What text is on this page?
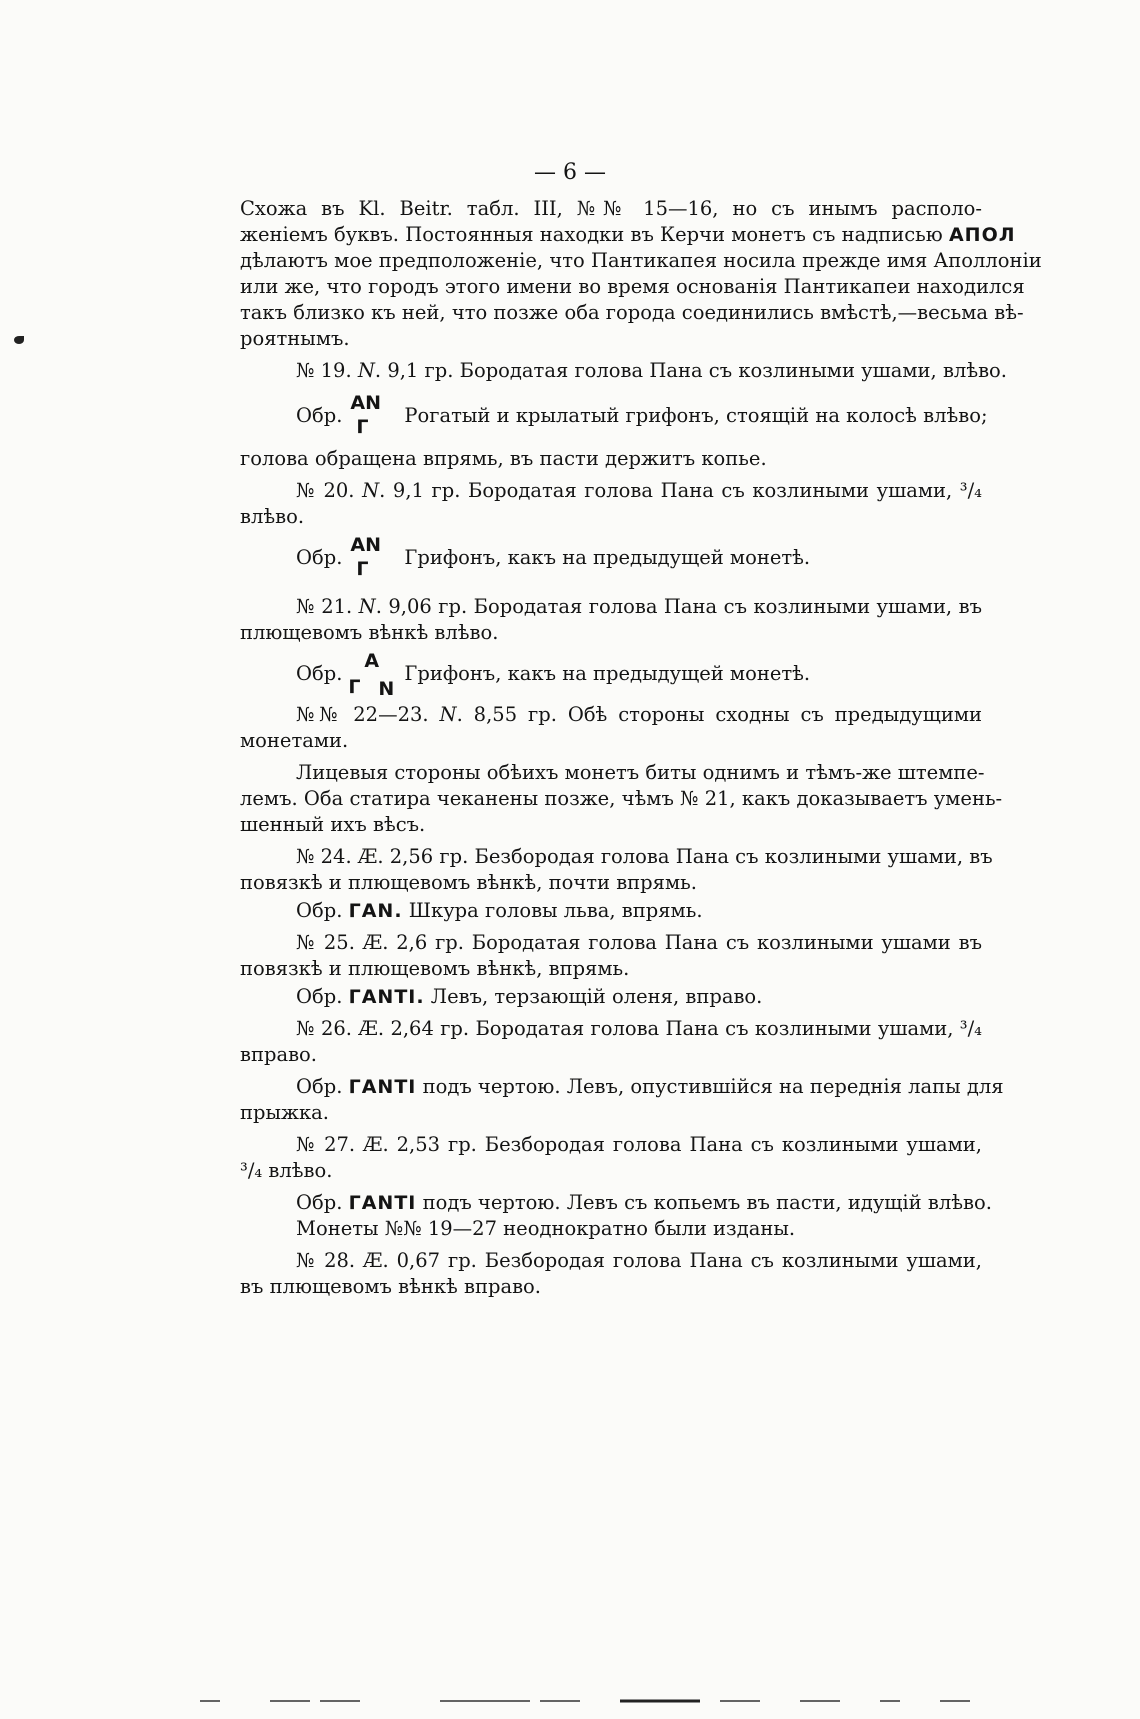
— 6 —
Схожа въ Kl. Beitr. табл. III, №№ 15—16, но съ инымъ располо-
женіемъ буквъ. Постоянныя находки въ Керчи монетъ съ надписью АПОЛ
дѣлаютъ мое предположеніе, что Пантикапея носила прежде имя Аполлоніи
или же, что городъ этого имени во время основанія Пантикапеи находился
такъ близко къ ней, что позже оба города соединились вмѣстѣ,—весьма вѣ-
роятнымъ.
№ 19. 𝑁. 9,1 гр. Бородатая голова Пана съ козлиными ушами, влѣво.
Обр.
AN
Γ Рогатый и крылатый грифонъ, стоящій на колосѣ влѣво;
голова обращена впрямь, въ пасти держитъ копье.
№ 20. 𝑁. 9,1 гр. Бородатая голова Пана съ козлиными ушами, ³/₄
влѣво.
Обр.
AN
Γ Грифонъ, какъ на предыдущей монетѣ.
№ 21. 𝑁. 9,06 гр. Бородатая голова Пана съ козлиными ушами, въ
плющевомъ вѣнкѣ влѣво.
Обр.
A
Γ N
Грифонъ, какъ на предыдущей монетѣ.
№№ 22—23. 𝑁. 8,55 гр. Обѣ стороны сходны съ предыдущими
монетами.
Лицевыя стороны обѣихъ монетъ биты однимъ и тѣмъ-же штемпе-
лемъ. Оба статира чеканены позже, чѣмъ № 21, какъ доказываетъ умень-
шенный ихъ вѣсъ.
№ 24. Æ. 2,56 гр. Безбородая голова Пана съ козлиными ушами, въ
повязкѣ и плющевомъ вѣнкѣ, почти впрямь.
Обр. ΓAN. Шкура головы льва, впрямь.
№ 25. Æ. 2,6 гр. Бородатая голова Пана съ козлиными ушами въ
повязкѣ и плющевомъ вѣнкѣ, впрямь.
Обр. ΓANTI. Левъ, терзающій оленя, вправо.
№ 26. Æ. 2,64 гр. Бородатая голова Пана съ козлиными ушами, ³/₄
вправо.
Обр. ΓANTI подъ чертою. Левъ, опустившійся на переднія лапы для
прыжка.
№ 27. Æ. 2,53 гр. Безбородая голова Пана съ козлиными ушами,
³/₄ влѣво.
Обр. ΓANTI подъ чертою. Левъ съ копьемъ въ пасти, идущій влѣво.
Монеты №№ 19—27 неоднократно были изданы.
№ 28. Æ. 0,67 гр. Безбородая голова Пана съ козлиными ушами,
въ плющевомъ вѣнкѣ вправо.
